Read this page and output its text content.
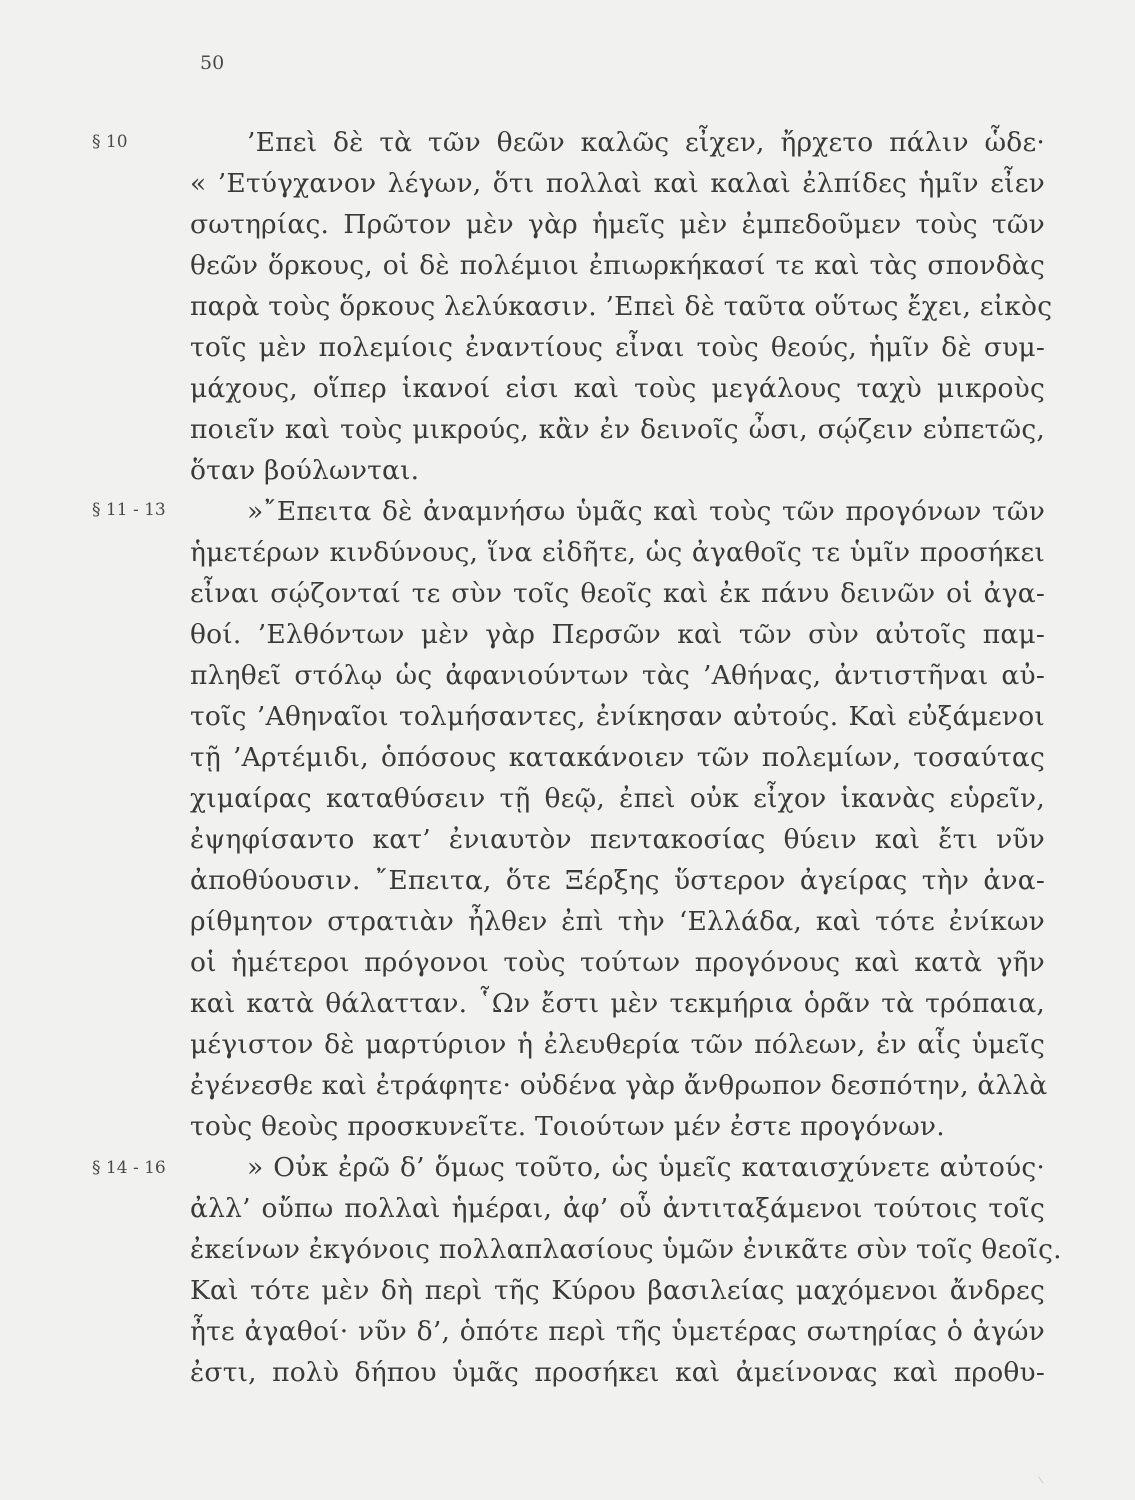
50
§ 10	’Επεὶ δὲ τὰ τῶν θεῶν καλῶς εἶχεν, ἤρχετο πάλιν ὧδε·
« ’Ετύγχανον λέγων, ὅτι πολλαὶ καὶ καλαὶ ἐλπίδες ἡμῖν εἶεν
σωτηρίας. Πρῶτον μὲν γὰρ ἡμεῖς μὲν ἐμπεδοῦμεν τοὺς τῶν
θεῶν ὅρκους, οἱ δὲ πολέμιοι ἐπιωρκήκασί τε καὶ τὰς σπονδὰς
παρὰ τοὺς ὅρκους λελύκασιν. ’Επεὶ δὲ ταῦτα οὕτως ἔχει, εἰκὸς
τοῖς μὲν πολεμίοις ἐναντίους εἶναι τοὺς θεούς, ἡμῖν δὲ συμ-
μάχους, οἵπερ ἱκανοί εἰσι καὶ τοὺς μεγάλους ταχὺ μικροὺς
ποιεῖν καὶ τοὺς μικρούς, κἂν ἐν δεινοῖς ὦσι, σῴζειν εὐπετῶς,
ὅταν βούλωνται.
§ 11 - 13	»῎Επειτα δὲ ἀναμνήσω ὑμᾶς καὶ τοὺς τῶν προγόνων τῶν
ἡμετέρων κινδύνους, ἵνα εἰδῆτε, ὡς ἀγαθοῖς τε ὑμῖν προσήκει
εἶναι σῴζονταί τε σὺν τοῖς θεοῖς καὶ ἐκ πάνυ δεινῶν οἱ ἀγα-
θοί. ’Ελθόντων μὲν γὰρ Περσῶν καὶ τῶν σὺν αὐτοῖς παμ-
πληθεῖ στόλῳ ὡς ἀφανιούντων τὰς ’Αθήνας, ἀντιστῆναι αὐ-
τοῖς ’Αθηναῖοι τολμήσαντες, ἐνίκησαν αὐτούς. Καὶ εὐξάμενοι
τῇ ’Αρτέμιδι, ὁπόσους κατακάνοιεν τῶν πολεμίων, τοσαύτας
χιμαίρας καταθύσειν τῇ θεῷ, ἐπεὶ οὐκ εἶχον ἱκανὰς εὑρεῖν,
ἐψηφίσαντο κατ’ ἐνιαυτὸν πεντακοσίας θύειν καὶ ἔτι νῦν
ἀποθύουσιν. ῎Επειτα, ὅτε Ξέρξης ὕστερον ἀγείρας τὴν ἀνα-
ρίθμητον στρατιὰν ἦλθεν ἐπὶ τὴν ‘Ελλάδα, καὶ τότε ἐνίκων
οἱ ἡμέτεροι πρόγονοι τοὺς τούτων προγόνους καὶ κατὰ γῆν
καὶ κατὰ θάλατταν. ῟Ων ἔστι μὲν τεκμήρια ὁρᾶν τὰ τρόπαια,
μέγιστον δὲ μαρτύριον ἡ ἐλευθερία τῶν πόλεων, ἐν αἷς ὑμεῖς
ἐγένεσθε καὶ ἐτράφητε· οὐδένα γὰρ ἄνθρωπον δεσπότην, ἀλλὰ
τοὺς θεοὺς προσκυνεῖτε. Τοιούτων μέν ἐστε προγόνων.
§ 14 - 16	» Οὐκ ἐρῶ δ’ ὅμως τοῦτο, ὡς ὑμεῖς καταισχύνετε αὐτούς·
ἀλλ’ οὔπω πολλαὶ ἡμέραι, ἀφ’ οὗ ἀντιταξάμενοι τούτοις τοῖς
ἐκείνων ἐκγόνοις πολλαπλασίους ὑμῶν ἐνικᾶτε σὺν τοῖς θεοῖς.
Καὶ τότε μὲν δὴ περὶ τῆς Κύρου βασιλείας μαχόμενοι ἄνδρες
ἦτε ἀγαθοί· νῦν δ’, ὁπότε περὶ τῆς ὑμετέρας σωτηρίας ὁ ἀγών
ἐστι, πολὺ δήπου ὑμᾶς προσήκει καὶ ἀμείνονας καὶ προθυ-
